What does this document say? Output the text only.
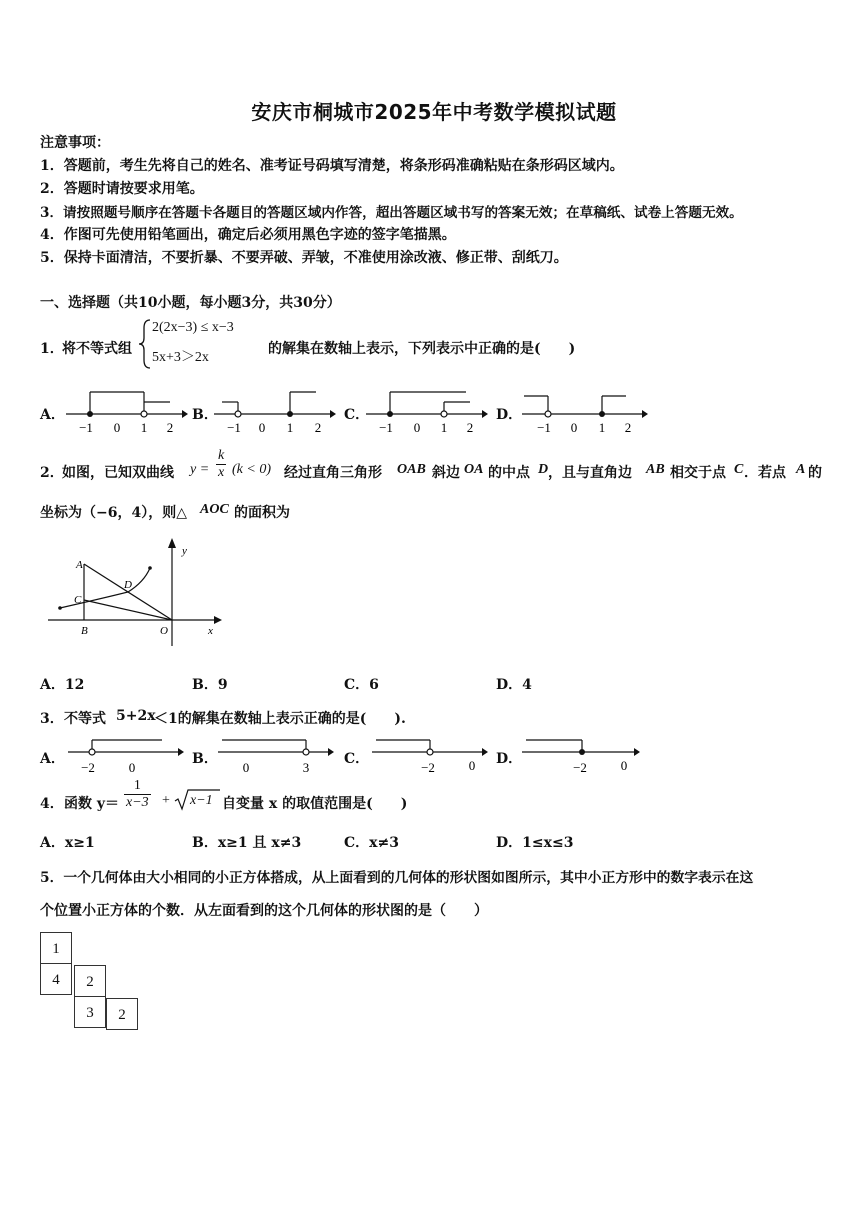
安庆市桐城市2025年中考数学模拟试题
注意事项：
1．答题前，考生先将自己的姓名、准考证号码填写清楚，将条形码准确粘贴在条形码区域内。
2．答题时请按要求用笔。
3．请按照题号顺序在答题卡各题目的答题区域内作答，超出答题区域书写的答案无效；在草稿纸、试卷上答题无效。
4．作图可先使用铅笔画出，确定后必须用黑色字迹的签字笔描黑。
5．保持卡面清洁，不要折暴、不要弄破、弄皱，不准使用涂改液、修正带、刮纸刀。
一、选择题（共10小题，每小题3分，共30分）
1．
将不等式组
2(2x−3) ≤ x−3
5x+3＞2x
的解集在数轴上表示，下列表示中正确的是(　　)
A．	B．	C．	D．
−1 0 1 2	−1 0 1 2	−1 0 1 2	−1 0 1 2
2．
如图，已知双曲线 $y = \frac{k}{x} (k < 0)$ 经过直角三角形 OAB 斜边 OA 的中点 D ，且与直角边 AB 相交于点 C ．若点 A 的
坐标为（−6，4），则△ AOC 的面积为
A
D
C
B	O	x
y
A．12	B．9	C．6	D．4
3． 不等式 5+2x
＜1的解集在数轴上表示正确的是(　　).
A．	B．	C．	D．
−2	0	0	3	−2	0	−2	0
4． 函数 $y= \frac{1}{x-3} + x-1$ 自变量 x 的取值范围是(　　)
A．x≥1	B．x≥1 且 x≠3	C．x≠3	D．1≤x≤3
5．一个几何体由大小相同的小正方体搭成，从上面看到的几何体的形状图如图所示，其中小正方形中的数字表示在这
个位置小正方体的个数．从左面看到的这个几何体的形状图的是（　　）
1
4	2
3	2
